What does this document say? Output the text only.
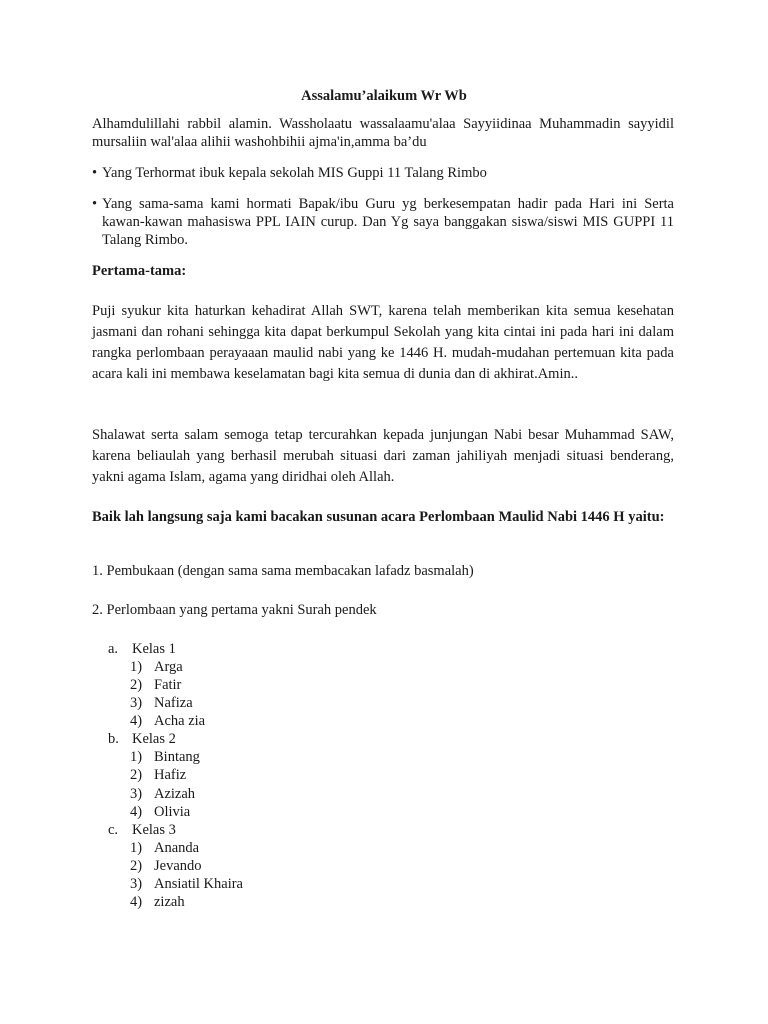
Assalamu’alaikum Wr Wb
Alhamdulillahi rabbil alamin. Wassholaatu wassalaamu'alaa Sayyiidinaa Muhammadin sayyidil mursaliin wal'alaa alihii washohbihii ajma'in,amma ba’du
• Yang Terhormat ibuk kepala sekolah MIS Guppi 11 Talang Rimbo
• Yang sama-sama kami hormati Bapak/ibu Guru yg berkesempatan hadir pada Hari ini Serta kawan-kawan mahasiswa PPL IAIN curup. Dan Yg saya banggakan siswa/siswi MIS GUPPI 11 Talang Rimbo.
Pertama-tama:
Puji syukur kita haturkan kehadirat Allah SWT, karena telah memberikan kita semua kesehatan jasmani dan rohani sehingga kita dapat berkumpul Sekolah yang kita cintai ini pada hari ini dalam rangka perlombaan perayaaan maulid nabi yang ke 1446 H. mudah-mudahan pertemuan kita pada acara kali ini membawa keselamatan bagi kita semua di dunia dan di akhirat.Amin..
Shalawat serta salam semoga tetap tercurahkan kepada junjungan Nabi besar Muhammad SAW, karena beliaulah yang berhasil merubah situasi dari zaman jahiliyah menjadi situasi benderang, yakni agama Islam, agama yang diridhai oleh Allah.
Baik lah langsung saja kami bacakan susunan acara Perlombaan Maulid Nabi 1446 H yaitu:
1. Pembukaan (dengan sama sama membacakan lafadz basmalah)
2. Perlombaan yang pertama yakni Surah pendek
a. Kelas 1
1) Arga
2) Fatir
3) Nafiza
4) Acha zia
b. Kelas 2
1) Bintang
2) Hafiz
3) Azizah
4) Olivia
c. Kelas 3
1) Ananda
2) Jevando
3) Ansiatil Khaira
4) zizah
